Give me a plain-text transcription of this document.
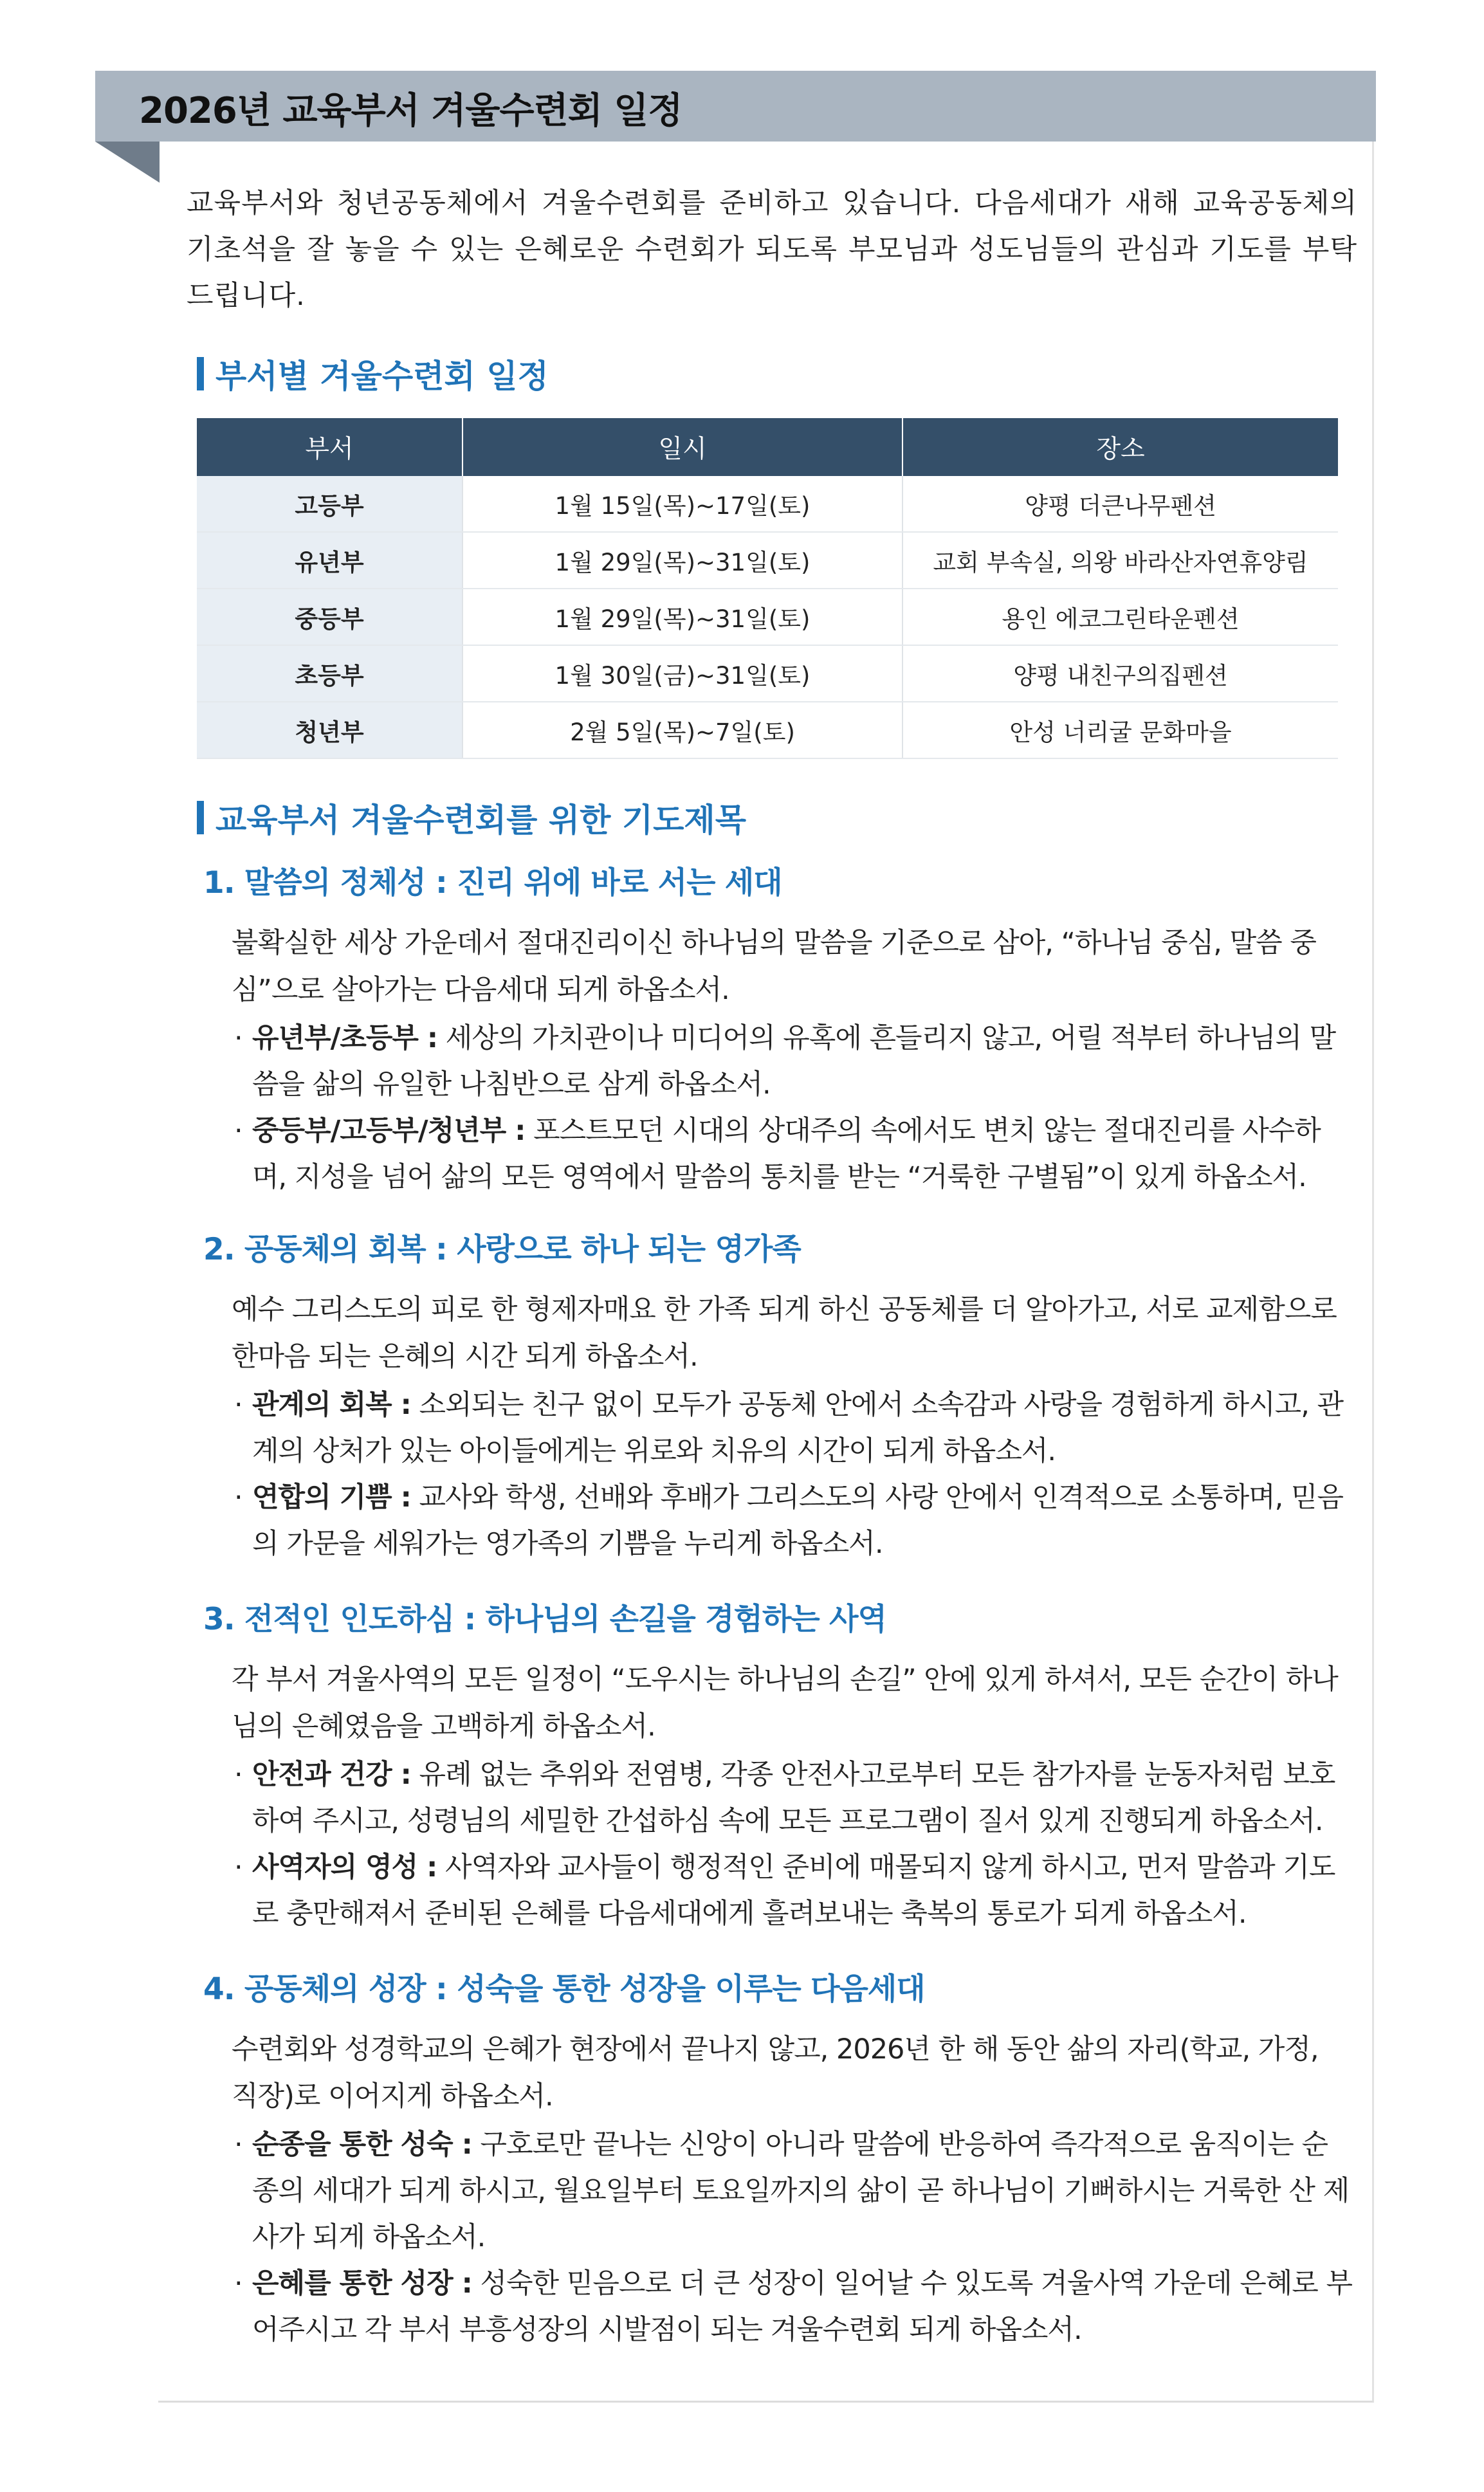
2026년 교육부서 겨울수련회 일정
교육부서와 청년공동체에서 겨울수련회를 준비하고 있습니다. 다음세대가 새해 교육공동체의 기초석을 잘 놓을 수 있는 은혜로운 수련회가 되도록 부모님과 성도님들의 관심과 기도를 부탁드립니다.
부서별 겨울수련회 일정
부서	일시	장소
고등부	1월 15일(목)~17일(토)	양평 더큰나무펜션
유년부	1월 29일(목)~31일(토)	교회 부속실, 의왕 바라산자연휴양림
중등부	1월 29일(목)~31일(토)	용인 에코그린타운펜션
초등부	1월 30일(금)~31일(토)	양평 내친구의집펜션
청년부	2월 5일(목)~7일(토)	안성 너리굴 문화마을
교육부서 겨울수련회를 위한 기도제목
1. 말씀의 정체성 : 진리 위에 바로 서는 세대
불확실한 세상 가운데서 절대진리이신 하나님의 말씀을 기준으로 삼아, “하나님 중심, 말씀 중심”으로 살아가는 다음세대 되게 하옵소서.
· 유년부/초등부 : 세상의 가치관이나 미디어의 유혹에 흔들리지 않고, 어릴 적부터 하나님의 말씀을 삶의 유일한 나침반으로 삼게 하옵소서.
· 중등부/고등부/청년부 : 포스트모던 시대의 상대주의 속에서도 변치 않는 절대진리를 사수하며, 지성을 넘어 삶의 모든 영역에서 말씀의 통치를 받는 “거룩한 구별됨”이 있게 하옵소서.
2. 공동체의 회복 : 사랑으로 하나 되는 영가족
예수 그리스도의 피로 한 형제자매요 한 가족 되게 하신 공동체를 더 알아가고, 서로 교제함으로 한마음 되는 은혜의 시간 되게 하옵소서.
· 관계의 회복 : 소외되는 친구 없이 모두가 공동체 안에서 소속감과 사랑을 경험하게 하시고, 관계의 상처가 있는 아이들에게는 위로와 치유의 시간이 되게 하옵소서.
· 연합의 기쁨 : 교사와 학생, 선배와 후배가 그리스도의 사랑 안에서 인격적으로 소통하며, 믿음의 가문을 세워가는 영가족의 기쁨을 누리게 하옵소서.
3. 전적인 인도하심 : 하나님의 손길을 경험하는 사역
각 부서 겨울사역의 모든 일정이 “도우시는 하나님의 손길” 안에 있게 하셔서, 모든 순간이 하나님의 은혜였음을 고백하게 하옵소서.
· 안전과 건강 : 유례 없는 추위와 전염병, 각종 안전사고로부터 모든 참가자를 눈동자처럼 보호하여 주시고, 성령님의 세밀한 간섭하심 속에 모든 프로그램이 질서 있게 진행되게 하옵소서.
· 사역자의 영성 : 사역자와 교사들이 행정적인 준비에 매몰되지 않게 하시고, 먼저 말씀과 기도로 충만해져서 준비된 은혜를 다음세대에게 흘려보내는 축복의 통로가 되게 하옵소서.
4. 공동체의 성장 : 성숙을 통한 성장을 이루는 다음세대
수련회와 성경학교의 은혜가 현장에서 끝나지 않고, 2026년 한 해 동안 삶의 자리(학교, 가정, 직장)로 이어지게 하옵소서.
· 순종을 통한 성숙 : 구호로만 끝나는 신앙이 아니라 말씀에 반응하여 즉각적으로 움직이는 순종의 세대가 되게 하시고, 월요일부터 토요일까지의 삶이 곧 하나님이 기뻐하시는 거룩한 산 제사가 되게 하옵소서.
· 은혜를 통한 성장 : 성숙한 믿음으로 더 큰 성장이 일어날 수 있도록 겨울사역 가운데 은혜로 부어주시고 각 부서 부흥성장의 시발점이 되는 겨울수련회 되게 하옵소서.
